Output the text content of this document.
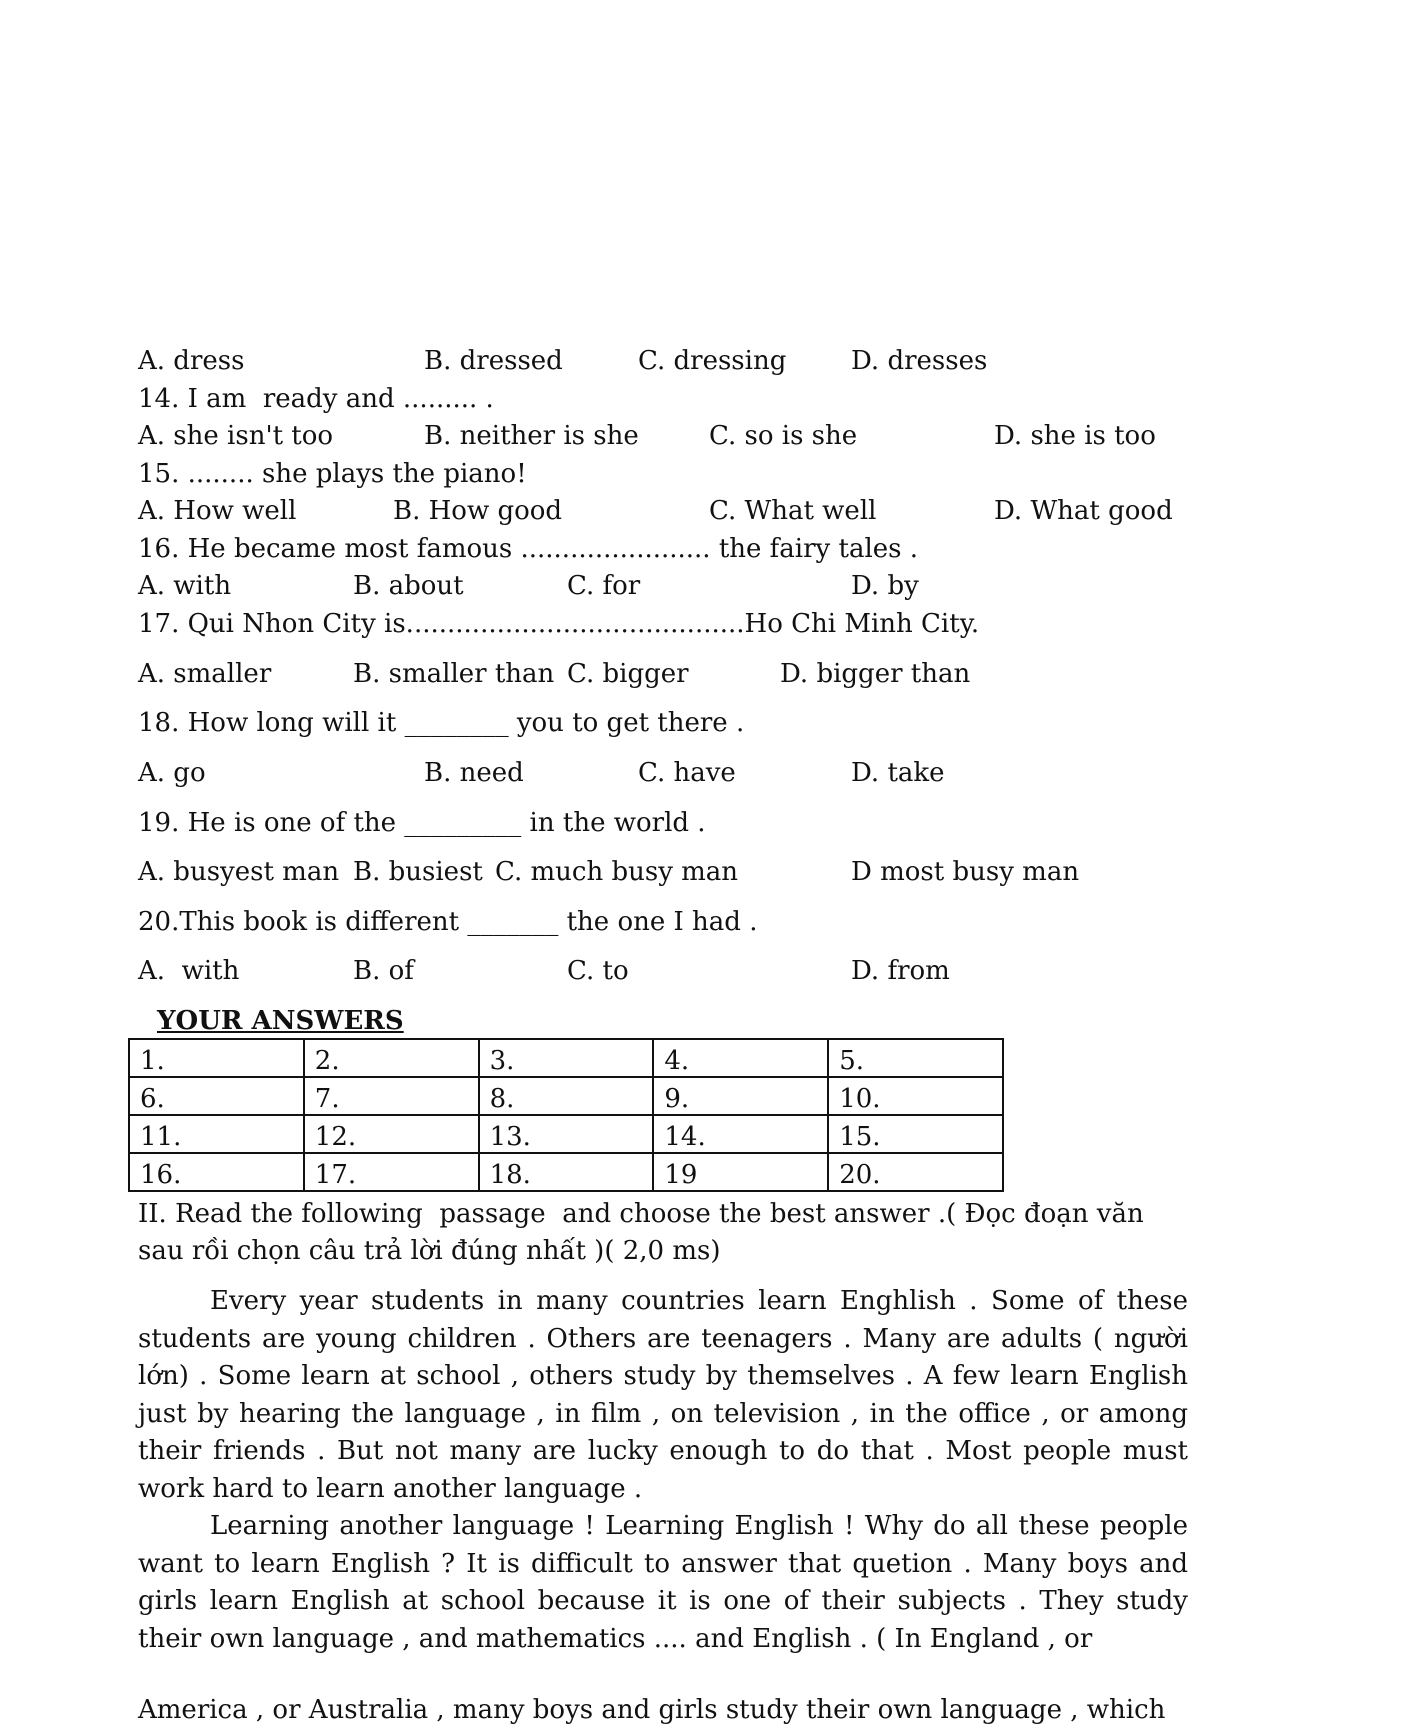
A. dress	B. dressed	C. dressing D. dresses
14. I am  ready and ......... .
A. she isn't too	B. neither is she	C. so is she	D. she is too
15. ........ she plays the piano!
A. How well	B. How good	C. What well	D. What good
16. He became most famous ....................... the fairy tales .
A. with	B. about	C. for	D. by
17. Qui Nhon City is.........................................Ho Chi Minh City.
A. smaller	B. smaller than C. bigger	D. bigger than
18. How long will it ________ you to get there .
A. go	B. need	C. have	D. take
19. He is one of the _________ in the world .
A. busyest man B. busiest C. much busy man	D most busy man
20.This book is different _______ the one I had .
A.  with	B. of	C. to	D. from
YOUR ANSWERS
1.	2.	3.	4.	5.
6.	7.	8.	9.	10.
11.	12.	13.	14.	15.
16.	17.	18.	19	20.
II. Read the following  passage  and choose the best answer .( Đọc đoạn văn
sau rồi chọn câu trả lời đúng nhất )( 2,0 ms)
Every year students in many countries learn Enghlish . Some of these students are young children . Others are teenagers . Many are adults ( người lớn) . Some learn at school , others study by themselves . A few learn English just by hearing the language , in film , on television , in the office , or among their friends . But not many are lucky enough to do that . Most people must work hard to learn another language .
Learning another language ! Learning English ! Why do all these people want to learn English ? It is difficult to answer that quetion . Many boys and girls learn English at school because it is one of their subjects . They study their own language , and mathematics .... and English . ( In England , or
America , or Australia , many boys and girls study their own language , which
